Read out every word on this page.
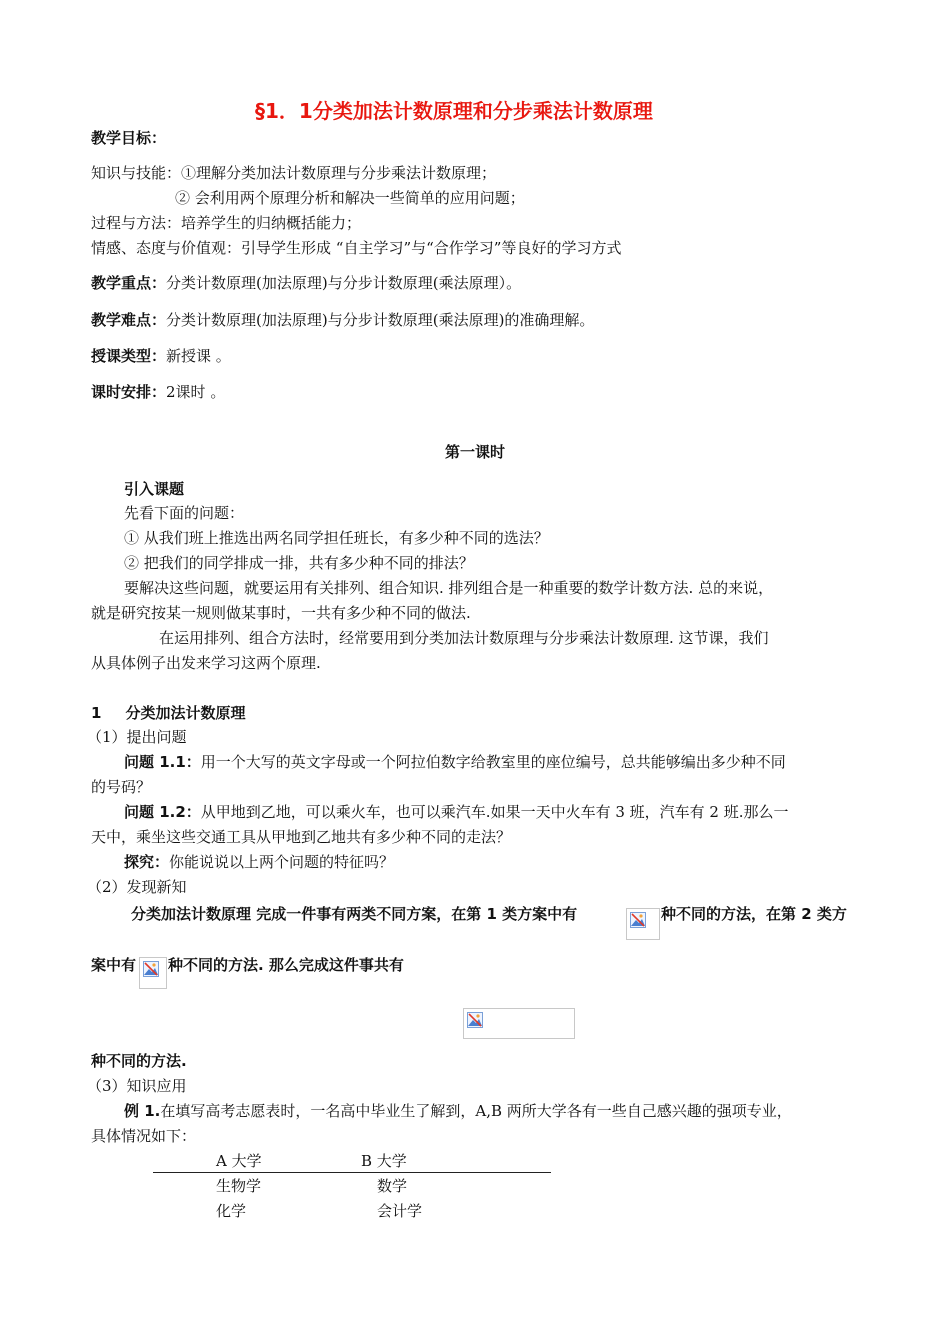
§1．1分类加法计数原理和分步乘法计数原理
教学目标：
知识与技能：①理解分类加法计数原理与分步乘法计数原理；
② 会利用两个原理分析和解决一些简单的应用问题；
过程与方法：培养学生的归纳概括能力；
情感、态度与价值观：引导学生形成 “自主学习”与“合作学习”等良好的学习方式
教学重点：分类计数原理(加法原理)与分步计数原理(乘法原理）。
教学难点：分类计数原理(加法原理)与分步计数原理(乘法原理)的准确理解。
授课类型：新授课 。
课时安排：2课时 。
第一课时
引入课题
先看下面的问题：
① 从我们班上推选出两名同学担任班长，有多少种不同的选法？
② 把我们的同学排成一排，共有多少种不同的排法？
要解决这些问题，就要运用有关排列、组合知识. 排列组合是一种重要的数学计数方法. 总的来说，
就是研究按某一规则做某事时，一共有多少种不同的做法.
在运用排列、组合方法时，经常要用到分类加法计数原理与分步乘法计数原理. 这节课，我们
从具体例子出发来学习这两个原理.
1 分类加法计数原理
（1）提出问题
问题 1.1：用一个大写的英文字母或一个阿拉伯数字给教室里的座位编号，总共能够编出多少种不同
的号码？
问题 1.2：从甲地到乙地，可以乘火车，也可以乘汽车.如果一天中火车有 3 班，汽车有 2 班.那么一
天中，乘坐这些交通工具从甲地到乙地共有多少种不同的走法？
探究：你能说说以上两个问题的特征吗？
（2）发现新知
分类加法计数原理 完成一件事有两类不同方案，在第 1 类方案中有	种不同的方法，在第 2 类方
案中有 种不同的方法. 那么完成这件事共有
种不同的方法.
（3）知识应用
例 1.在填写高考志愿表时，一名高中毕业生了解到，A,B 两所大学各有一些自己感兴趣的强项专业，
具体情况如下：
A 大学	B 大学
生物学	数学
化学	会计学
